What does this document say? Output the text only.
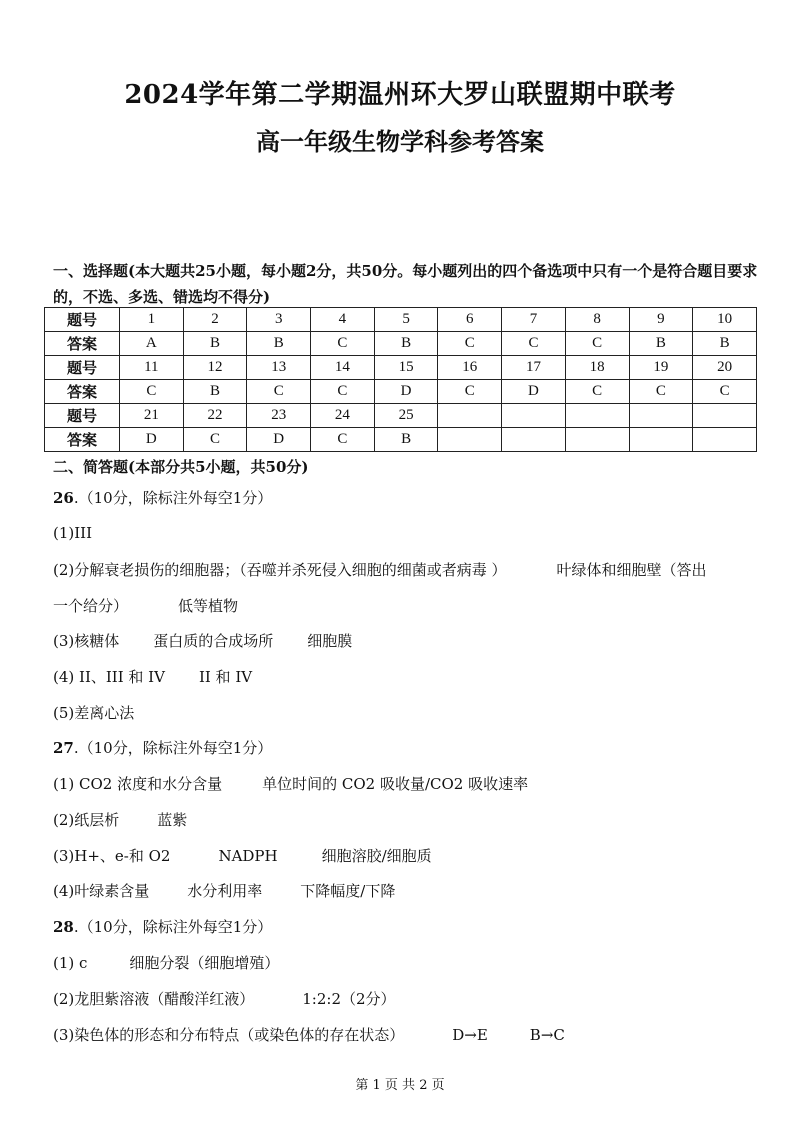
2024学年第二学期温州环大罗山联盟期中联考
高一年级生物学科参考答案
一、选择题(本大题共25小题，每小题2分，共50分。每小题列出的四个备选项中只有一个是符合题目要求的，不选、多选、错选均不得分)
题号	1	2	3	4	5	6	7	8	9	10
答案	A	B	B	C	B	C	C	C	B	B
题号	11	12	13	14	15	16	17	18	19	20
答案	C	B	C	C	D	C	D	C	C	C
题号	21	22	23	24	25					
答案	D	C	D	C	B					
二、简答题(本部分共5小题，共50分)
26.（10分，除标注外每空1分）
(1)III
(2)分解衰老损伤的细胞器；（吞噬并杀死侵入细胞的细菌或者病毒 ）	叶绿体和细胞壁（答出
一个给分）	低等植物
(3)核糖体 蛋白质的合成场所 细胞膜
(4) II、III 和 IV II 和 IV
(5)差离心法
27.（10分，除标注外每空1分）
(1) CO2 浓度和水分含量	单位时间的 CO2 吸收量/CO2 吸收速率
(2)纸层析	蓝紫
(3)H+、e-和 O2	NADPH	细胞溶胶/细胞质
(4)叶绿素含量	水分利用率	下降幅度/下降
28.（10分，除标注外每空1分）
(1) c	细胞分裂（细胞增殖）
(2)龙胆紫溶液（醋酸洋红液）	1:2:2（2分）
(3)染色体的形态和分布特点（或染色体的存在状态）	D→E	B→C
第 1 页 共 2 页
